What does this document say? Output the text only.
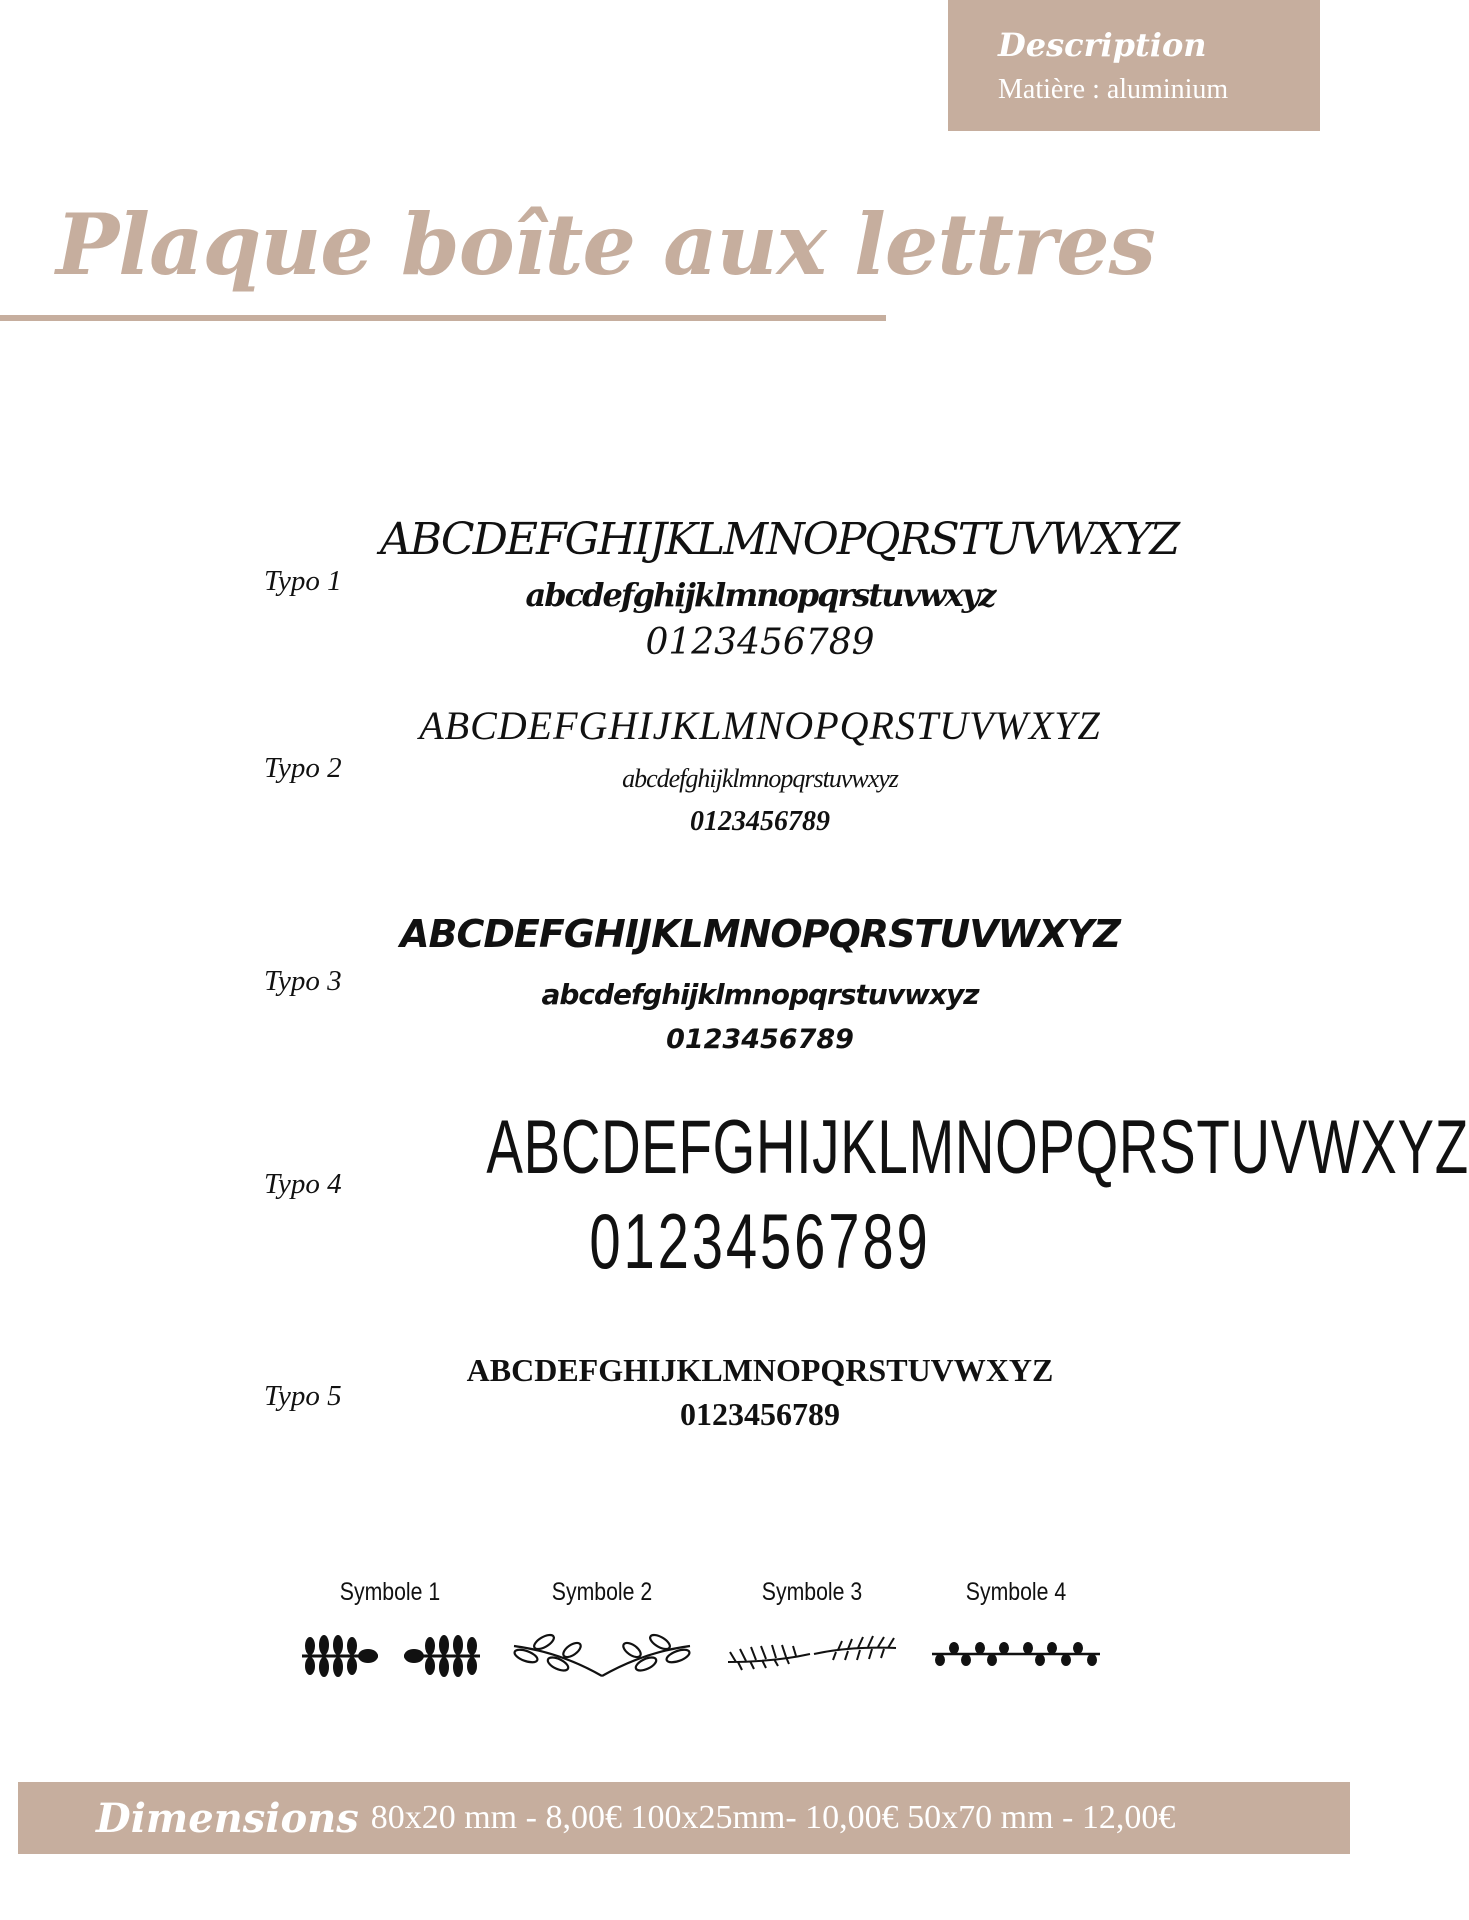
Description
Matière : aluminium
Plaque boîte aux lettres
Typo 1
ABCDEFGHIJKLMNOPQRSTUVWXYZ
abcdefghijklmnopqrstuvwxyz
0123456789
Typo 2
ABCDEFGHIJKLMNOPQRSTUVWXYZ
abcdefghijklmnopqrstuvwxyz
0123456789
Typo 3
ABCDEFGHIJKLMNOPQRSTUVWXYZ
abcdefghijklmnopqrstuvwxyz
0123456789
Typo 4	ABCDEFGHIJKLMNOPQRSTUVWXYZ
0123456789
Typo 5
ABCDEFGHIJKLMNOPQRSTUVWXYZ
0123456789
Symbole 1	Symbole 2	Symbole 3	Symbole 4
Dimensions 80x20 mm - 8,00€ 100x25mm- 10,00€ 50x70 mm - 12,00€
